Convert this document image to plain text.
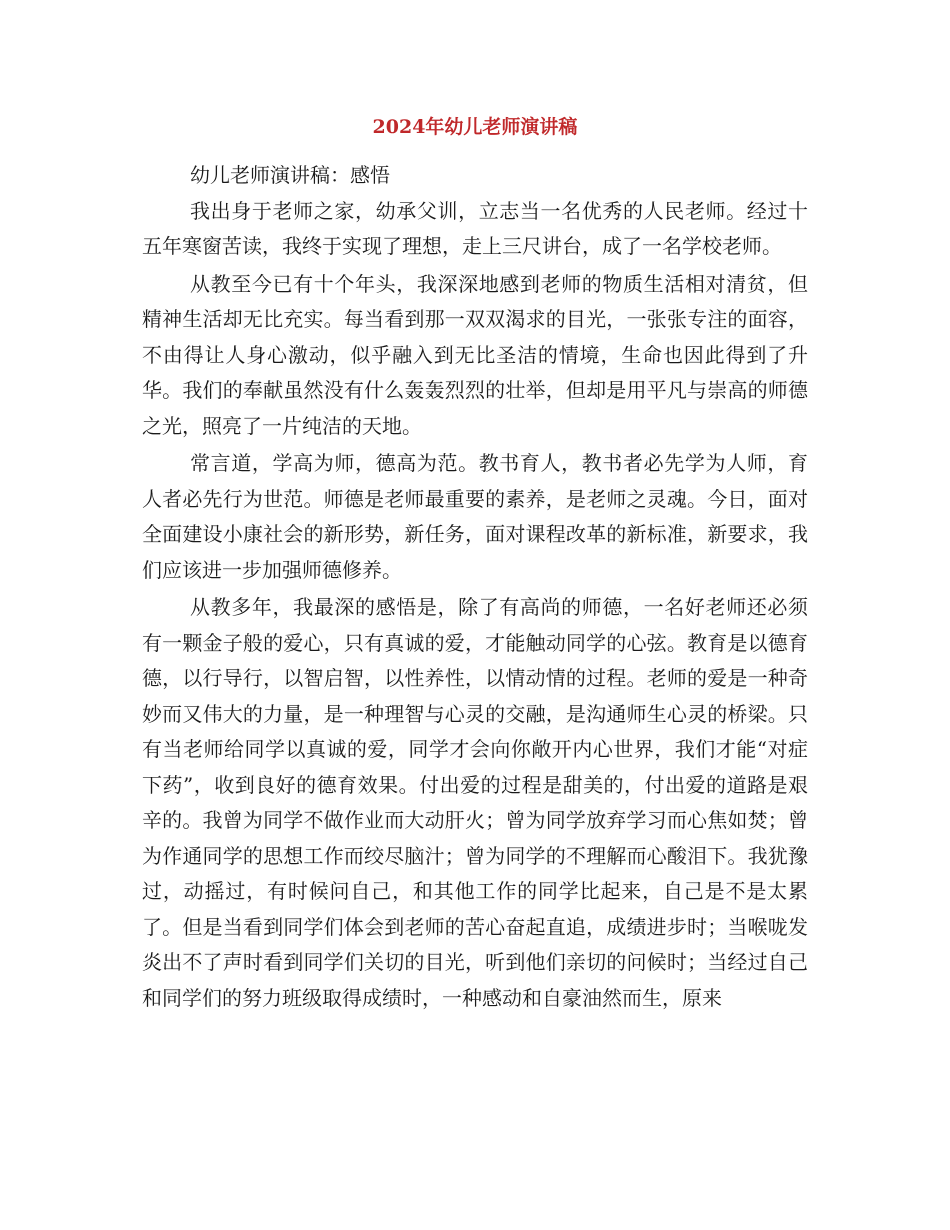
2024年幼儿老师演讲稿

幼儿老师演讲稿：感悟

我出身于老师之家，幼承父训，立志当一名优秀的人民老师。经过十五年寒窗苦读，我终于实现了理想，走上三尺讲台，成了一名学校老师。

从教至今已有十个年头，我深深地感到老师的物质生活相对清贫，但精神生活却无比充实。每当看到那一双双渴求的目光，一张张专注的面容，不由得让人身心激动，似乎融入到无比圣洁的情境，生命也因此得到了升华。我们的奉献虽然没有什么轰轰烈烈的壮举，但却是用平凡与崇高的师德之光，照亮了一片纯洁的天地。

常言道，学高为师，德高为范。教书育人，教书者必先学为人师，育人者必先行为世范。师德是老师最重要的素养，是老师之灵魂。今日，面对全面建设小康社会的新形势，新任务，面对课程改革的新标准，新要求，我们应该进一步加强师德修养。

从教多年，我最深的感悟是，除了有高尚的师德，一名好老师还必须有一颗金子般的爱心，只有真诚的爱，才能触动同学的心弦。教育是以德育德，以行导行，以智启智，以性养性，以情动情的过程。老师的爱是一种奇妙而又伟大的力量，是一种理智与心灵的交融，是沟通师生心灵的桥梁。只有当老师给同学以真诚的爱，同学才会向你敞开内心世界，我们才能“对症下药”，收到良好的德育效果。付出爱的过程是甜美的，付出爱的道路是艰辛的。我曾为同学不做作业而大动肝火；曾为同学放弃学习而心焦如焚；曾为作通同学的思想工作而绞尽脑汁；曾为同学的不理解而心酸泪下。我犹豫过，动摇过，有时候问自己，和其他工作的同学比起来，自己是不是太累了。但是当看到同学们体会到老师的苦心奋起直追，成绩进步时；当喉咙发炎出不了声时看到同学们关切的目光，听到他们亲切的问候时；当经过自己和同学们的努力班级取得成绩时，一种感动和自豪油然而生，原来
